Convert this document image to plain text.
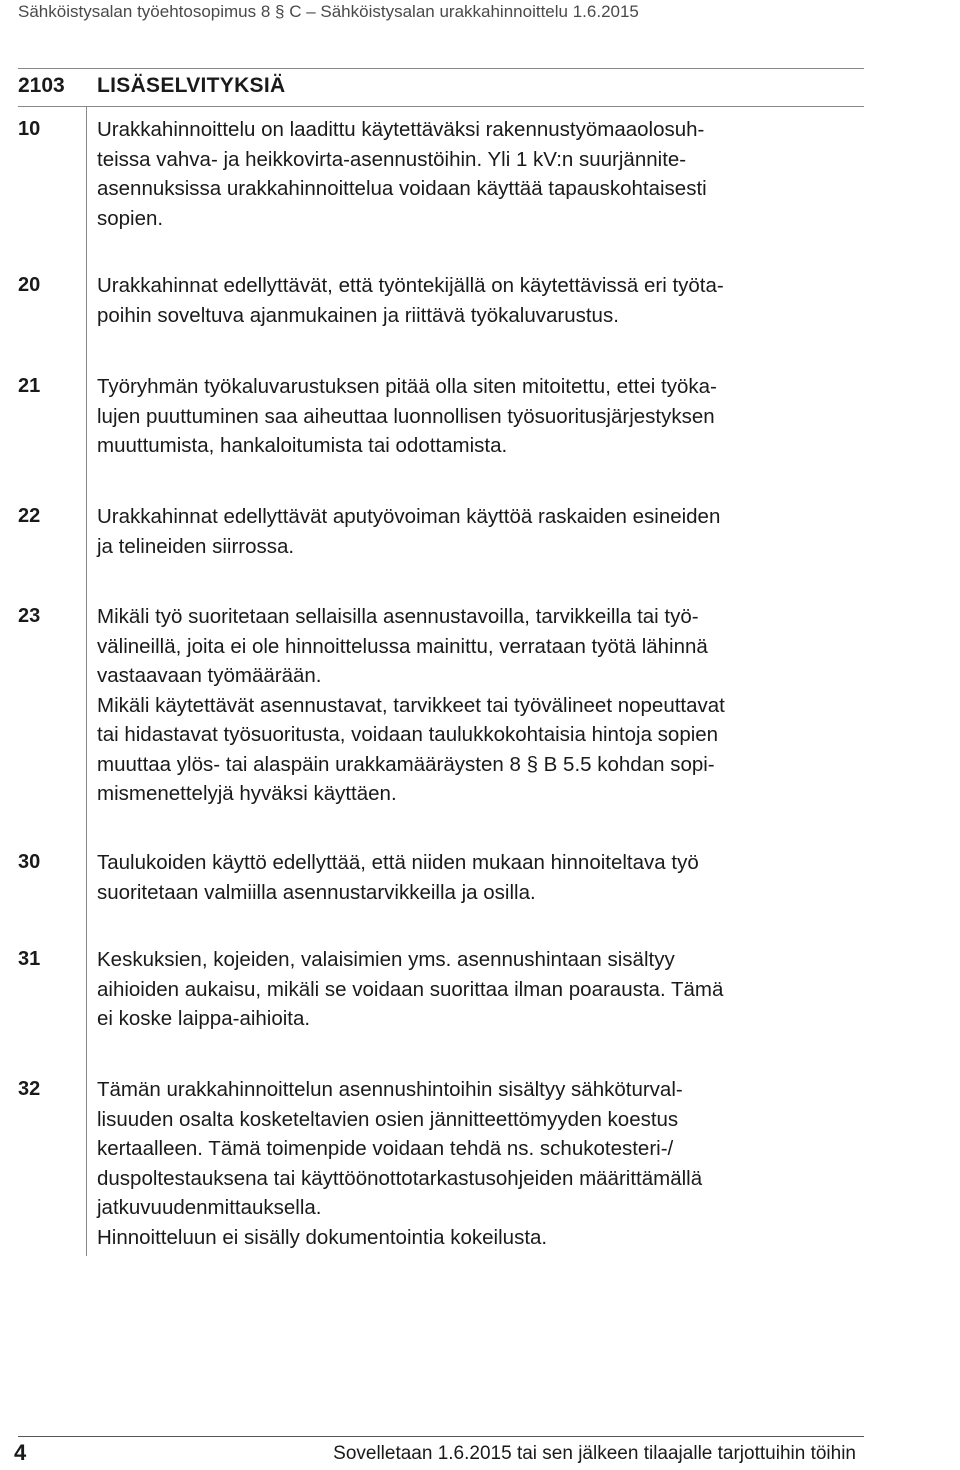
Sähköistysalan työehtosopimus 8 § C – Sähköistysalan urakkahinnoittelu 1.6.2015
2103 LISÄSELVITYKSIÄ
10	Urakkahinnoittelu on laadittu käytettäväksi rakennustyömaaolosuh-
teissa vahva- ja heikkovirta-asennustöihin. Yli 1 kV:n suurjännite-
asennuksissa urakkahinnoittelua voidaan käyttää tapauskohtaisesti
sopien.
20	Urakkahinnat edellyttävät, että työntekijällä on käytettävissä eri työta-
poihin soveltuva ajanmukainen ja riittävä työkaluvarustus.
21	Työryhmän työkaluvarustuksen pitää olla siten mitoitettu, ettei työka-
lujen puuttuminen saa aiheuttaa luonnollisen työsuoritusjärjestyksen
muuttumista, hankaloitumista tai odottamista.
22	Urakkahinnat edellyttävät aputyövoiman käyttöä raskaiden esineiden
ja telineiden siirrossa.
23	Mikäli työ suoritetaan sellaisilla asennustavoilla, tarvikkeilla tai työ-
välineillä, joita ei ole hinnoittelussa mainittu, verrataan työtä lähinnä
vastaavaan työmäärään.
Mikäli käytettävät asennustavat, tarvikkeet tai työvälineet nopeuttavat
tai hidastavat työsuoritusta, voidaan taulukkokohtaisia hintoja sopien
muuttaa ylös- tai alaspäin urakkamääräysten 8 § B 5.5 kohdan sopi-
mismenettelyjä hyväksi käyttäen.
30	Taulukoiden käyttö edellyttää, että niiden mukaan hinnoiteltava työ
suoritetaan valmiilla asennustarvikkeilla ja osilla.
31	Keskuksien, kojeiden, valaisimien yms. asennushintaan sisältyy
aihioiden aukaisu, mikäli se voidaan suorittaa ilman poarausta. Tämä
ei koske laippa-aihioita.
32	Tämän urakkahinnoittelun asennushintoihin sisältyy sähköturval-
lisuuden osalta kosketeltavien osien jännitteettömyyden koestus
kertaalleen. Tämä toimenpide voidaan tehdä ns. schukotesteri-/
duspoltestauksena tai käyttöönottotarkastusohjeiden määrittämällä
jatkuvuudenmittauksella.
Hinnoitteluun ei sisälly dokumentointia kokeilusta.
4	Sovelletaan 1.6.2015 tai sen jälkeen tilaajalle tarjottuihin töihin
